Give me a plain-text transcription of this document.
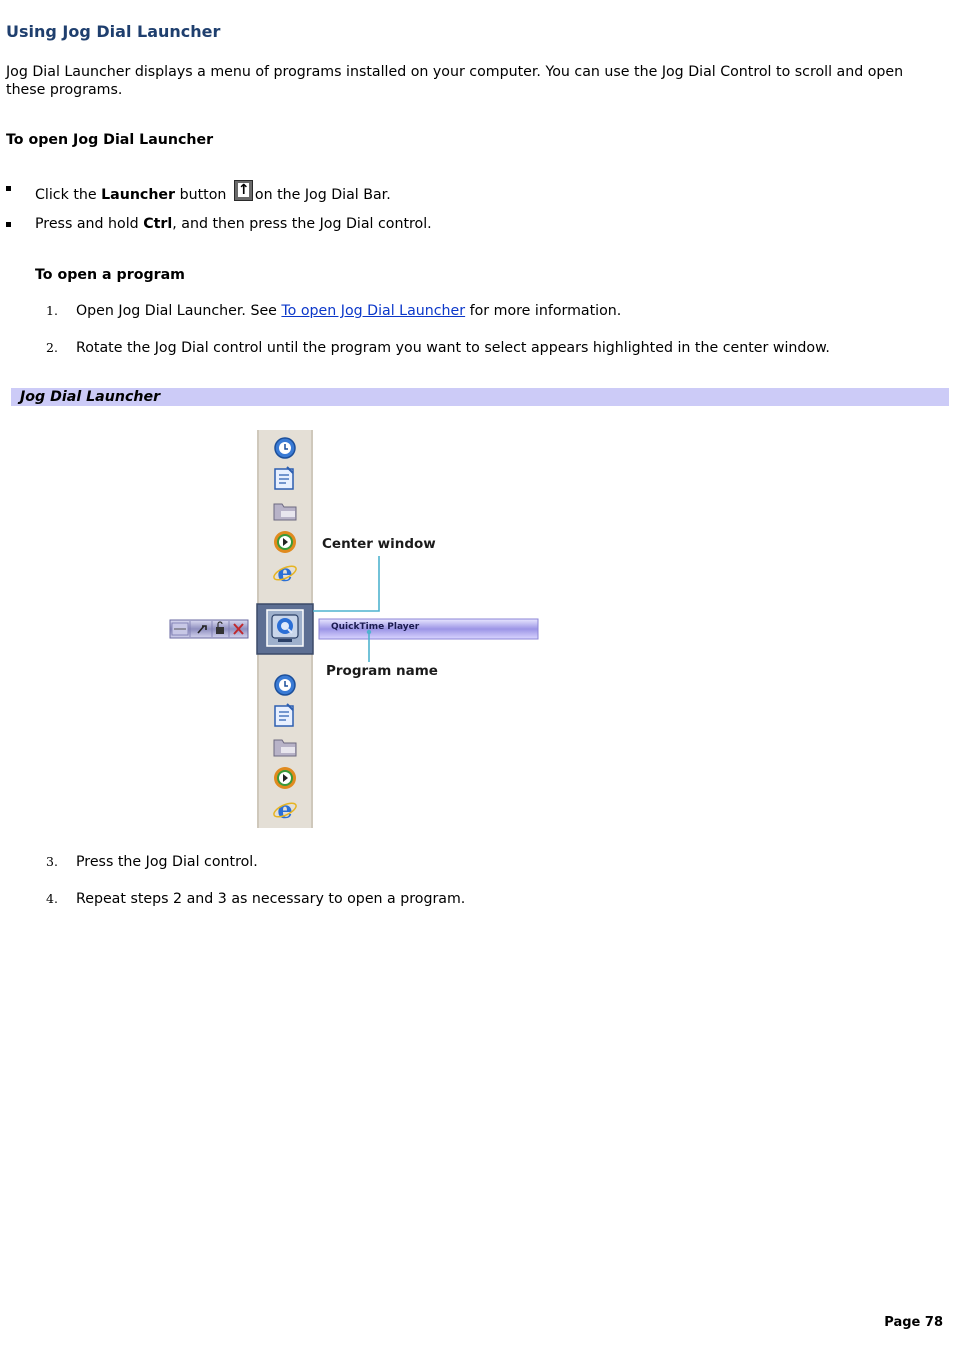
Using Jog Dial Launcher
Jog Dial Launcher displays a menu of programs installed on your computer. You can use the Jog Dial Control to scroll and open these programs.
To open Jog Dial Launcher
Click the Launcher button ↑on the Jog Dial Bar.
Press and hold Ctrl, and then press the Jog Dial control.
To open a program
1. Open Jog Dial Launcher. See To open Jog Dial Launcher for more information.
2. Rotate the Jog Dial control until the program you want to select appears highlighted in the center window.
Jog Dial Launcher
e
e
Center window
Program name
QuickTime Player
3. Press the Jog Dial control.
4. Repeat steps 2 and 3 as necessary to open a program.
Page 78
